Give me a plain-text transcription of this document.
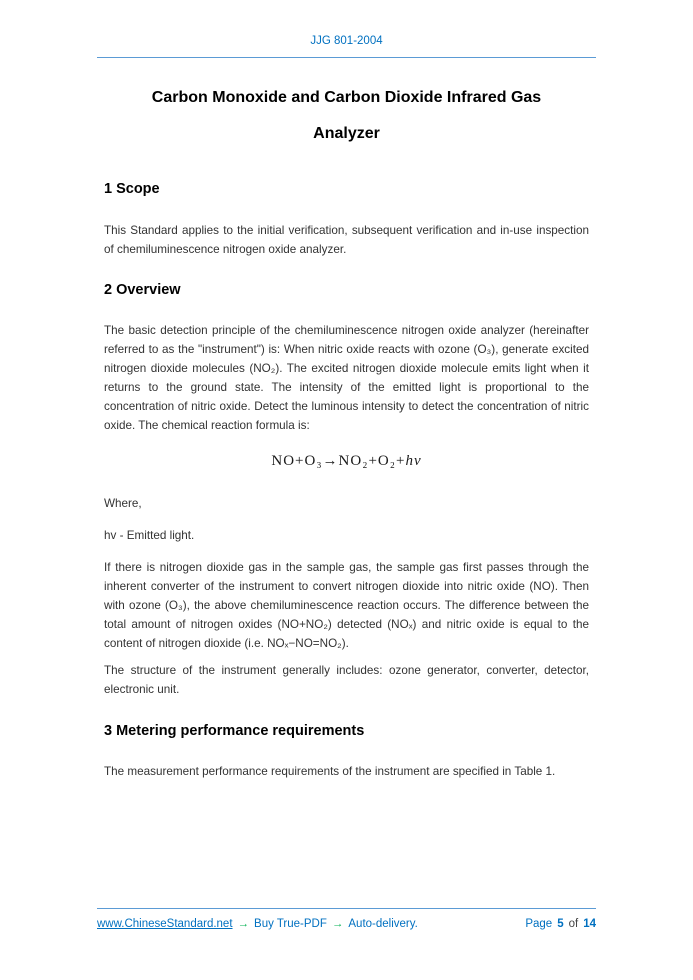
JJG 801-2004
Carbon Monoxide and Carbon Dioxide Infrared Gas
Analyzer
1 Scope

This Standard applies to the initial verification, subsequent verification and in-use inspection of chemiluminescence nitrogen oxide analyzer.

2 Overview

The basic detection principle of the chemiluminescence nitrogen oxide analyzer (hereinafter referred to as the "instrument") is: When nitric oxide reacts with ozone (O₃), generate excited nitrogen dioxide molecules (NO₂). The excited nitrogen dioxide molecule emits light when it returns to the ground state. The intensity of the emitted light is proportional to the concentration of nitric oxide. Detect the luminous intensity to detect the concentration of nitric oxide. The chemical reaction formula is:

NO+O₃→NO₂+O₂+hν

Where,

hv - Emitted light.

If there is nitrogen dioxide gas in the sample gas, the sample gas first passes through the inherent converter of the instrument to convert nitrogen dioxide into nitric oxide (NO). Then with ozone (O₃), the above chemiluminescence reaction occurs. The difference between the total amount of nitrogen oxides (NO+NO₂) detected (NOₓ) and nitric oxide is equal to the content of nitrogen dioxide (i.e. NOₓ−NO=NO₂).

The structure of the instrument generally includes: ozone generator, converter, detector, electronic unit.

3 Metering performance requirements

The measurement performance requirements of the instrument are specified in Table 1.

www.ChineseStandard.net → Buy True-PDF → Auto-delivery.	Page 5 of 14
